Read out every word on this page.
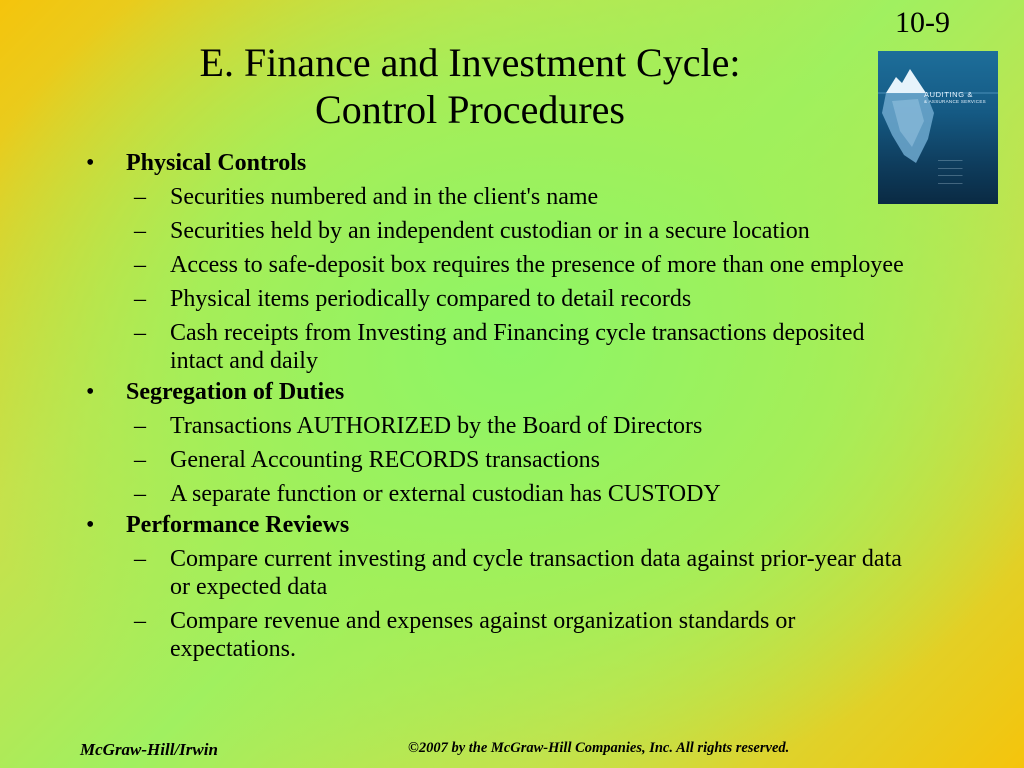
10-9
E. Finance and Investment Cycle:
Control Procedures	AUDITING &
& ASSURANCE SERVICES
———————
———————
———————
———————
• Physical Controls
– Securities numbered and in the client's name
– Securities held by an independent custodian or in a secure location
– Access to safe-deposit box requires the presence of more than one employee
– Physical items periodically compared to detail records
– Cash receipts from Investing and Financing cycle transactions deposited intact and daily
• Segregation of Duties
– Transactions AUTHORIZED by the Board of Directors
– General Accounting RECORDS transactions
– A separate function or external custodian has CUSTODY
• Performance Reviews
– Compare current investing and cycle transaction data against prior-year data or expected data
– Compare revenue and expenses against organization standards or expectations.
McGraw-Hill/Irwin	©2007 by the McGraw-Hill Companies, Inc. All rights reserved.
